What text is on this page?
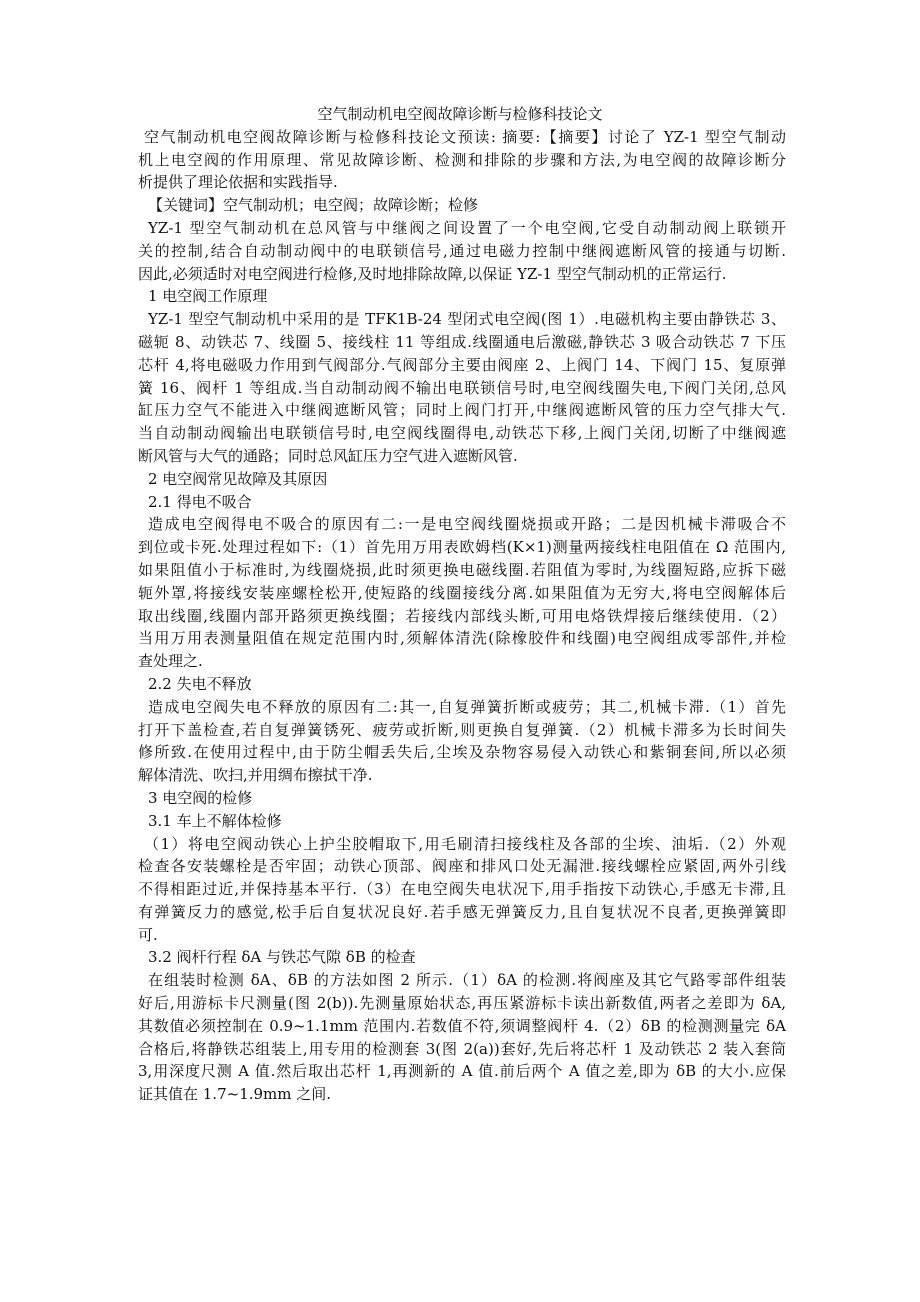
空气制动机电空阀故障诊断与检修科技论文
空气制动机电空阀故障诊断与检修科技论文预读: 摘要:【摘要】讨论了 YZ-1 型空气制动
机上电空阀的作用原理、常见故障诊断、检测和排除的步骤和方法,为电空阀的故障诊断分
析提供了理论依据和实践指导.
【关键词】空气制动机；电空阀；故障诊断；检修
YZ-1 型空气制动机在总风管与中继阀之间设置了一个电空阀,它受自动制动阀上联锁开
关的控制,结合自动制动阀中的电联锁信号,通过电磁力控制中继阀遮断风管的接通与切断.
因此,必须适时对电空阀进行检修,及时地排除故障,以保证 YZ-1 型空气制动机的正常运行.
1 电空阀工作原理
YZ-1 型空气制动机中采用的是 TFK1B-24 型闭式电空阀(图 1）.电磁机构主要由静铁芯 3、
磁轭 8、动铁芯 7、线圈 5、接线柱 11 等组成.线圈通电后激磁,静铁芯 3 吸合动铁芯 7 下压
芯杆 4,将电磁吸力作用到气阀部分.气阀部分主要由阀座 2、上阀门 14、下阀门 15、复原弹
簧 16、阀杆 1 等组成.当自动制动阀不输出电联锁信号时,电空阀线圈失电,下阀门关闭,总风
缸压力空气不能进入中继阀遮断风管；同时上阀门打开,中继阀遮断风管的压力空气排大气.
当自动制动阀输出电联锁信号时,电空阀线圈得电,动铁芯下移,上阀门关闭,切断了中继阀遮
断风管与大气的通路；同时总风缸压力空气进入遮断风管.
2 电空阀常见故障及其原因
2.1 得电不吸合
造成电空阀得电不吸合的原因有二:一是电空阀线圈烧损或开路；二是因机械卡滞吸合不
到位或卡死.处理过程如下:（1）首先用万用表欧姆档(K×1)测量两接线柱电阻值在 Ω 范围内,
如果阻值小于标准时,为线圈烧损,此时须更换电磁线圈.若阻值为零时,为线圈短路,应拆下磁
轭外罩,将接线安装座螺栓松开,使短路的线圈接线分离.如果阻值为无穷大,将电空阀解体后
取出线圈,线圈内部开路须更换线圈；若接线内部线头断,可用电烙铁焊接后继续使用.（2）
当用万用表测量阻值在规定范围内时,须解体清洗(除橡胶件和线圈)电空阀组成零部件,并检
查处理之.
2.2 失电不释放
造成电空阀失电不释放的原因有二:其一,自复弹簧折断或疲劳；其二,机械卡滞.（1）首先
打开下盖检查,若自复弹簧锈死、疲劳或折断,则更换自复弹簧.（2）机械卡滞多为长时间失
修所致.在使用过程中,由于防尘帽丢失后,尘埃及杂物容易侵入动铁心和紫铜套间,所以必须
解体清洗、吹扫,并用绸布擦拭干净.
3 电空阀的检修
3.1 车上不解体检修
（1）将电空阀动铁心上护尘胶帽取下,用毛刷清扫接线柱及各部的尘埃、油垢.（2）外观
检查各安装螺栓是否牢固；动铁心顶部、阀座和排风口处无漏泄.接线螺栓应紧固,两外引线
不得相距过近,并保持基本平行.（3）在电空阀失电状况下,用手指按下动铁心,手感无卡滞,且
有弹簧反力的感觉,松手后自复状况良好.若手感无弹簧反力,且自复状况不良者,更换弹簧即
可.
3.2 阀杆行程 δA 与铁芯气隙 δB 的检查
在组装时检测 δA、δB 的方法如图 2 所示.（1）δA 的检测.将阀座及其它气路零部件组装
好后,用游标卡尺测量(图 2(b)).先测量原始状态,再压紧游标卡读出新数值,两者之差即为 δA,
其数值必须控制在 0.9~1.1mm 范围内.若数值不符,须调整阀杆 4.（2）δB 的检测测量完 δA
合格后,将静铁芯组装上,用专用的检测套 3(图 2(a))套好,先后将芯杆 1 及动铁芯 2 装入套筒
3,用深度尺测 A 值.然后取出芯杆 1,再测新的 A 值.前后两个 A 值之差,即为 δB 的大小.应保
证其值在 1.7~1.9mm 之间.
